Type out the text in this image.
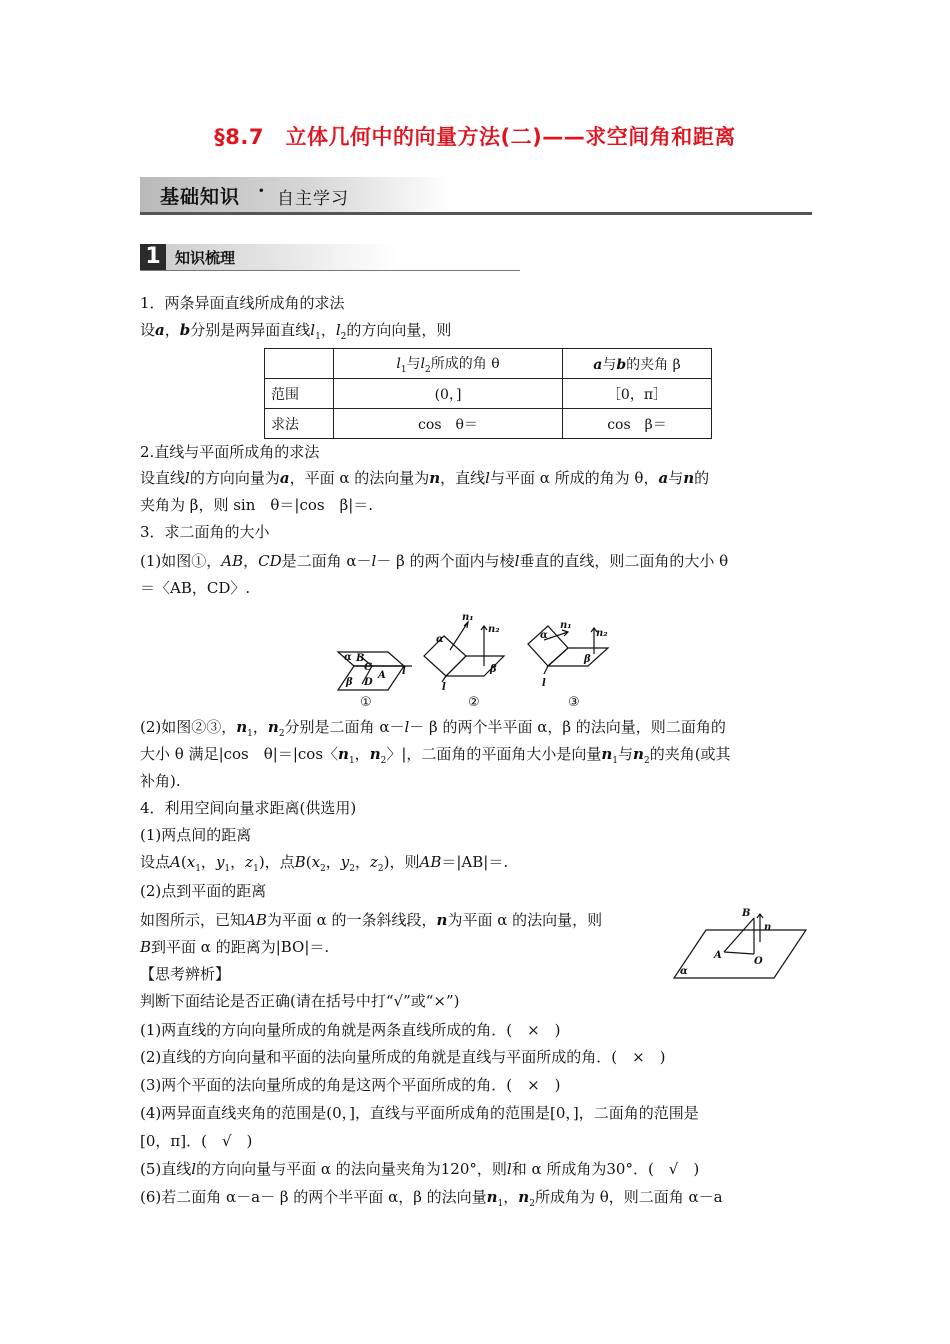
§8.7　立体几何中的向量方法(二)——求空间角和距离
基础知识 · 自主学习
1 知识梳理
1．两条异面直线所成角的求法
设a，b分别是两异面直线$l_1$，$l_2$的方向向量，则
	$l_1$与$l_2$所成的角 θ	a与b的夹角 β
范围	(0，]	［0，π］
求法	cos　θ＝	cos　β＝
2.直线与平面所成角的求法
设直线l的方向向量为a，平面 α 的法向量为n，直线l与平面 α 所成的角为 θ，a与n的
夹角为 β，则 sin　θ＝|cos　β|＝.
3．求二面角的大小
(1)如图①，AB，CD是二面角 α－l－ β 的两个面内与棱l垂直的直线，则二面角的大小 θ
＝〈AB，CD〉.
α B
C
β D
A l
n₁
n₂
α
β
l
α
n₁
n₂
β
l
①	②	③
(2)如图②③，$n_1$，$n_2$分别是二面角 α－l－ β 的两个半平面 α，β 的法向量，则二面角的
大小 θ 满足|cos　θ|＝|cos〈$n_1$，$n_2$〉|，二面角的平面角大小是向量$n_1$与$n_2$的夹角(或其
补角).
4．利用空间向量求距离(供选用)
(1)两点间的距离
设点$A(x_1$，$y_1$，$z_1$)，点$B(x_2$，$y_2$，$z_2$)，则AB＝|AB|＝.
(2)点到平面的距离
如图所示，已知AB为平面 α 的一条斜线段，n为平面 α 的法向量，则
B到平面 α 的距离为|BO|＝.
B
n
A
O
α
【思考辨析】
判断下面结论是否正确(请在括号中打“√”或“×”)
(1)两直线的方向向量所成的角就是两条直线所成的角．(　×　)
(2)直线的方向向量和平面的法向量所成的角就是直线与平面所成的角．(　×　)
(3)两个平面的法向量所成的角是这两个平面所成的角．(　×　)
(4)两异面直线夹角的范围是(0，]，直线与平面所成角的范围是[0，]，二面角的范围是
[0，π]．(　√　)
(5)直线l的方向向量与平面 α 的法向量夹角为120°，则l和 α 所成角为30°．(　√　)
(6)若二面角 α－a－ β 的两个半平面 α，β 的法向量$n_1$，$n_2$所成角为 θ，则二面角 α－a
